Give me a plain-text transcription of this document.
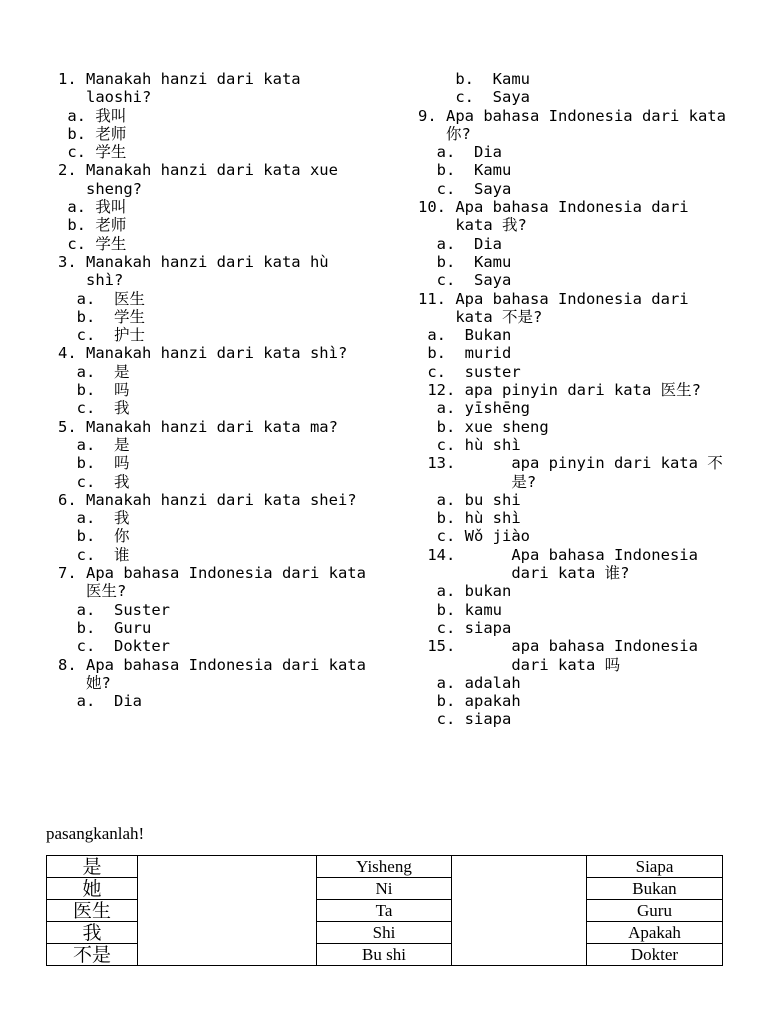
1. Manakah hanzi dari kata
laoshi?
a. 我叫
b. 老师
c. 学生
2. Manakah hanzi dari kata xue
sheng?
a. 我叫
b. 老师
c. 学生
3. Manakah hanzi dari kata hù
shì?
a.  医生
b.  学生
c.  护士
4. Manakah hanzi dari kata shì?
a.  是
b.  吗
c.  我
5. Manakah hanzi dari kata ma?
a.  是
b.  吗
c.  我
6. Manakah hanzi dari kata shei?
a.  我
b.  你
c.  谁
7. Apa bahasa Indonesia dari kata
医生?
a.  Suster
b.  Guru
c.  Dokter
8. Apa bahasa Indonesia dari kata
她?
a.  Dia
b.  Kamu
c.  Saya
9. Apa bahasa Indonesia dari kata
你?
a.  Dia
b.  Kamu
c.  Saya
10. Apa bahasa Indonesia dari
kata 我?
a.  Dia
b.  Kamu
c.  Saya
11. Apa bahasa Indonesia dari
kata 不是?
a.  Bukan
b.  murid
c.  suster
12. apa pinyin dari kata 医生?
a. yīshēng
b. xue sheng
c. hù shì
13. apa pinyin dari kata 不
是?
a. bu shi
b. hù shì
c. Wǒ jiào
14. Apa bahasa Indonesia
dari kata 谁?
a. bukan
b. kamu
c. siapa
15. apa bahasa Indonesia
dari kata 吗
a. adalah
b. apakah
c. siapa
pasangkanlah!
是		Yisheng		Siapa
她		Ni		Bukan
医生		Ta		Guru
我		Shi		Apakah
不是		Bu shi		Dokter
